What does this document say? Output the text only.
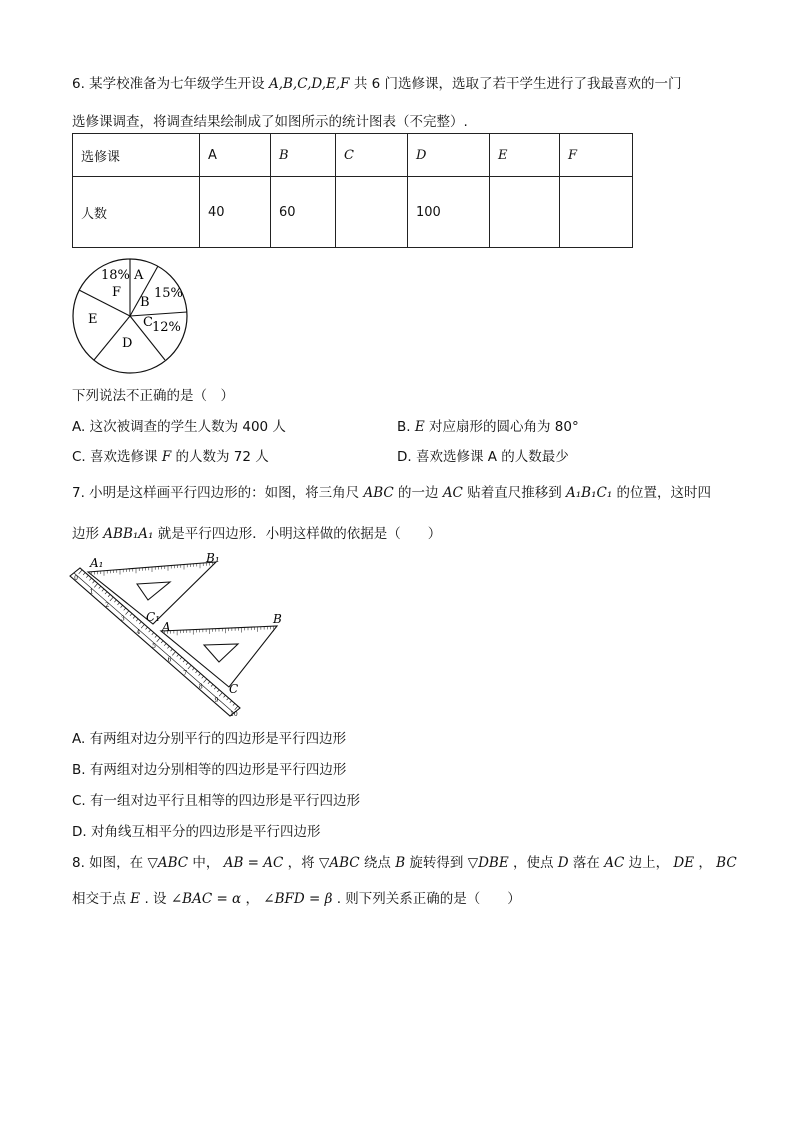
6. 某学校准备为七年级学生开设 A,B,C,D,E,F 共 6 门选修课，选取了若干学生进行了我最喜欢的一门
选修课调查，将调查结果绘制成了如图所示的统计图表（不完整）.
选修课	A	B	C	D	E	F
人数	40	60		100		
18%
F
A
B
15%
C 12%
D
E
下列说法不正确的是（　）
A. 这次被调查的学生人数为 400 人	B. E 对应扇形的圆心角为 80°
C. 喜欢选修课 F 的人数为 72 人	D. 喜欢选修课 A 的人数最少
7. 小明是这样画平行四边形的：如图，将三角尺 ABC 的一边 AC 贴着直尺推移到 A₁B₁C₁ 的位置，这时四
边形 ABB₁A₁ 就是平行四边形．小明这样做的依据是（　　）
0
1
2
3
4
5
6
7
8
9
10
A₁	B₁
C₁
A
B
C
A. 有两组对边分别平行的四边形是平行四边形
B. 有两组对边分别相等的四边形是平行四边形
C. 有一组对边平行且相等的四边形是平行四边形
D. 对角线互相平分的四边形是平行四边形
8. 如图，在 ▽ABC 中， AB = AC ，将 ▽ABC 绕点 B 旋转得到 ▽DBE ，使点 D 落在 AC 边上， DE ， BC
相交于点 E . 设 ∠BAC = α ， ∠BFD = β . 则下列关系正确的是（　　）
